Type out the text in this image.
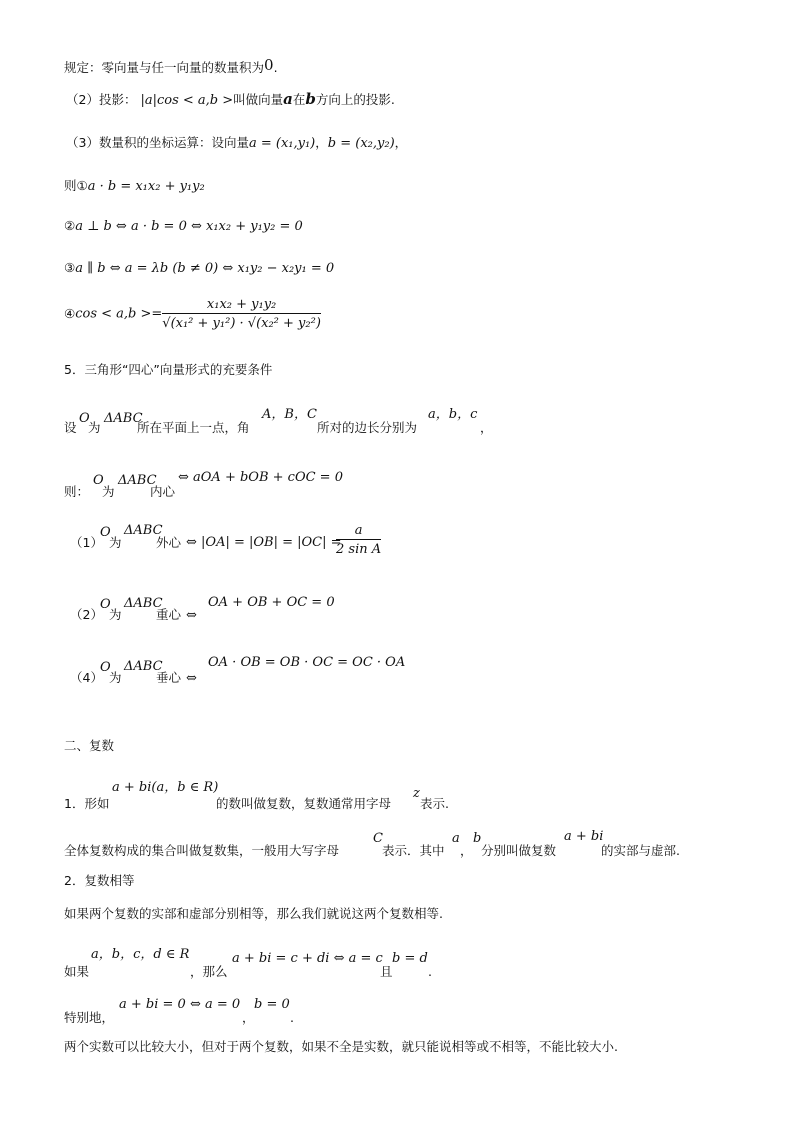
规定：零向量与任一向量的数量积为0.
（2）投影： |a|cos < a,b >叫做向量a在b方向上的投影.
（3）数量积的坐标运算：设向量a = (x₁,y₁)，b = (x₂,y₂)，
则①a · b = x₁x₂ + y₁y₂
②a ⊥ b ⇔ a · b = 0 ⇔ x₁x₂ + y₁y₂ = 0
③a ∥ b ⇔ a = λb (b ≠ 0) ⇔ x₁y₂ − x₂y₁ = 0
④cos < $a,b >= \frac{\text{x₁x₂ + y₁y₂}}{\text{√(x₁² + y₁²) · √(x₂² + y₂²)}}$
5．三角形“四心”向量形式的充要条件
设
O
为
ΔABC
所在平面上一点，角
A，B，C
所对的边长分别为
a，b，c
，
则：
O
为
ΔABC
内心
⇔ aOA + bOB + cOC = 0
（1）
O
为
ΔABC
外心 ⇔ |OA| = |OB| = |OC| =
$\frac{a}{\text{2 sin A}}$
（2）
O
为
ΔABC
重心 ⇔
OA + OB + OC = 0
（4）
O
为
ΔABC
垂心 ⇔
OA · OB = OB · OC = OC · OA
二、复数
1．形如
a + bi(a，b ∈ R)
的数叫做复数，复数通常用字母
z
表示.
全体复数构成的集合叫做复数集，一般用大写字母
C
表示．其中
a
，
b
分别叫做复数
a + bi
的实部与虚部.
2．复数相等
如果两个复数的实部和虚部分别相等，那么我们就说这两个复数相等.
如果
a，b，c，d ∈ R
，那么
a + bi = c + di ⇔ a = c
且
b = d
.
特别地，
a + bi = 0 ⇔ a = 0
，
b = 0
.
两个实数可以比较大小，但对于两个复数，如果不全是实数，就只能说相等或不相等，不能比较大小.
